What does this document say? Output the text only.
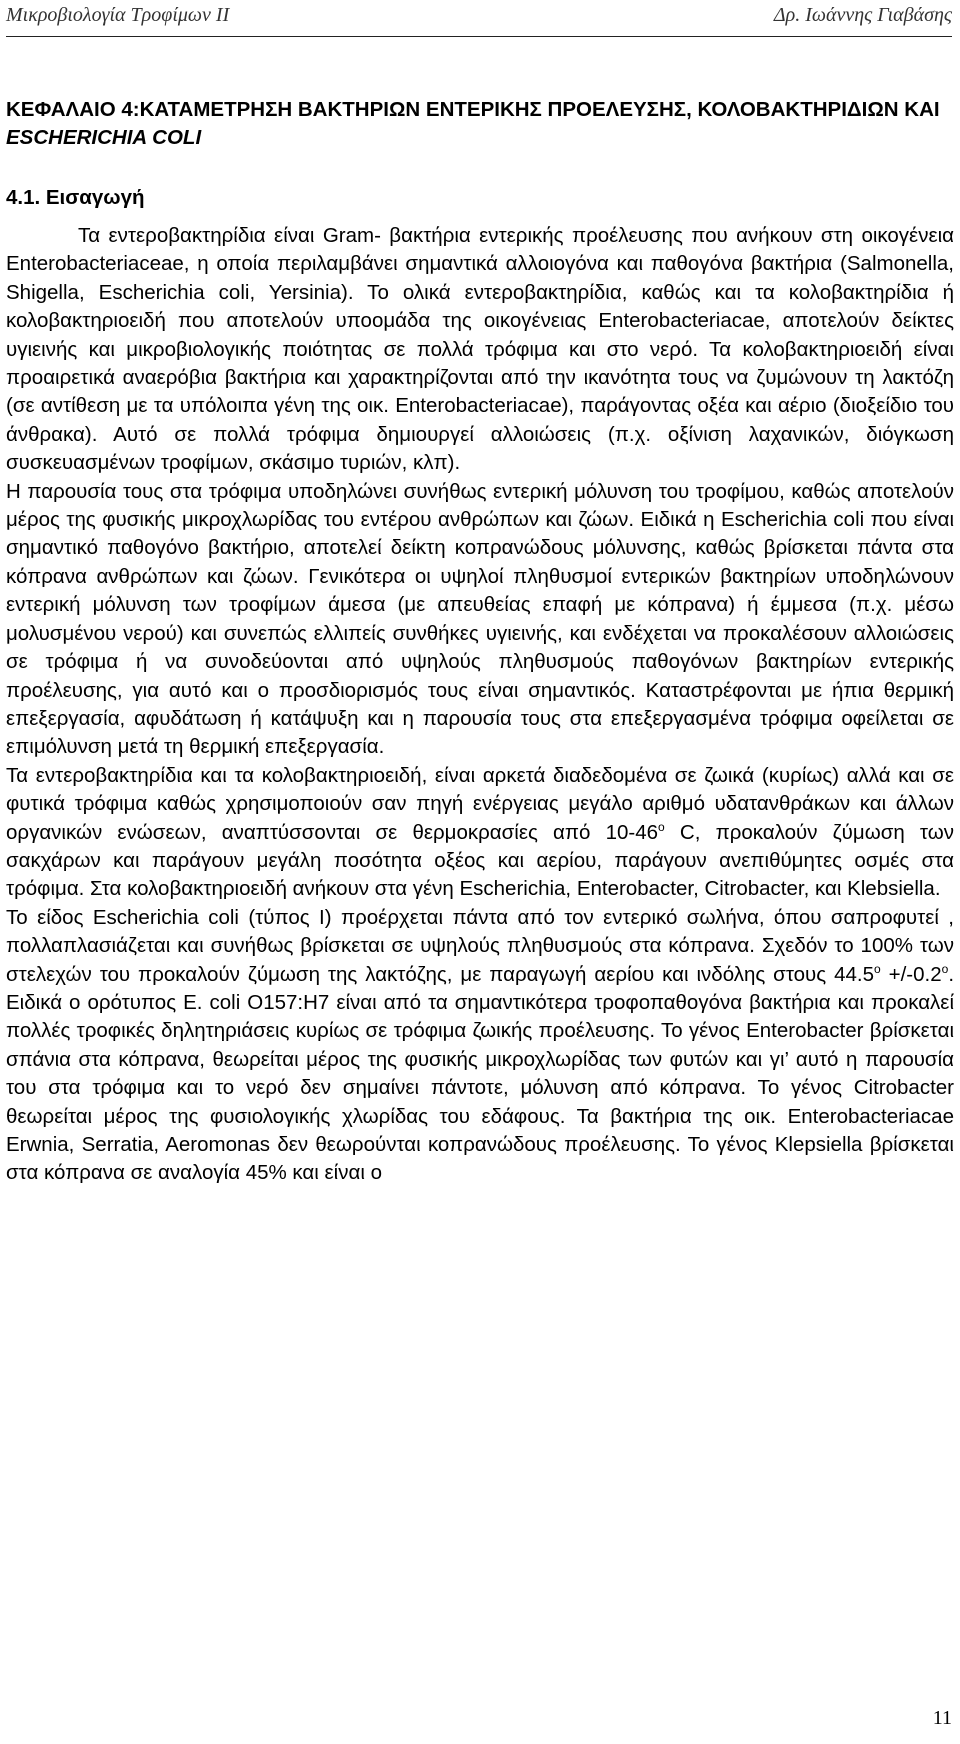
Μικροβιολογία Τροφίμων ΙΙ	Δρ. Ιωάννης Γιαβάσης
ΚΕΦΑΛΑΙΟ 4:ΚΑΤΑΜΕΤΡΗΣΗ ΒΑΚΤΗΡΙΩΝ ΕΝΤΕΡΙΚΗΣ ΠΡΟΕΛΕΥΣΗΣ, ΚΟΛΟΒΑΚΤΗΡΙΔΙΩΝ ΚΑΙ ESCHERICHIA COLI
4.1. Εισαγωγή

Τα εντεροβακτηρίδια είναι Gram- βακτήρια εντερικής προέλευσης που ανήκουν στη οικογένεια Enterobacteriaceae, η οποία περιλαμβάνει σημαντικά αλλοιογόνα και παθογόνα βακτήρια (Salmonella, Shigella, Escherichia coli, Yersinia). Το ολικά εντεροβακτηρίδια, καθώς και τα κολοβακτηρίδια ή κολοβακτηριοειδή που αποτελούν υποομάδα της οικογένειας Enterobacteriacae, αποτελούν δείκτες υγιεινής και μικροβιολογικής ποιότητας σε πολλά τρόφιμα και στο νερό. Τα κολοβακτηριοειδή είναι προαιρετικά αναερόβια βακτήρια και χαρακτηρίζονται από την ικανότητα τους να ζυμώνουν τη λακτόζη (σε αντίθεση με τα υπόλοιπα γένη της οικ. Enterobacteriacae), παράγοντας οξέα και αέριο (διοξείδιο του άνθρακα). Αυτό σε πολλά τρόφιμα δημιουργεί αλλοιώσεις (π.χ. οξίνιση λαχανικών, διόγκωση συσκευασμένων τροφίμων, σκάσιμο τυριών, κλπ).

Η παρουσία τους στα τρόφιμα υποδηλώνει συνήθως εντερική μόλυνση του τροφίμου, καθώς αποτελούν μέρος της φυσικής μικροχλωρίδας του εντέρου ανθρώπων και ζώων. Ειδικά η Escherichia coli που είναι σημαντικό παθογόνο βακτήριο, αποτελεί δείκτη κοπρανώδους μόλυνσης, καθώς βρίσκεται πάντα στα κόπρανα ανθρώπων και ζώων. Γενικότερα οι υψηλοί πληθυσμοί εντερικών βακτηρίων υποδηλώνουν εντερική μόλυνση των τροφίμων άμεσα (με απευθείας επαφή με κόπρανα) ή έμμεσα (π.χ. μέσω μολυσμένου νερού) και συνεπώς ελλιπείς συνθήκες υγιεινής, και ενδέχεται να προκαλέσουν αλλοιώσεις σε τρόφιμα ή να συνοδεύονται από υψηλούς πληθυσμούς παθογόνων βακτηρίων εντερικής προέλευσης, για αυτό και ο προσδιορισμός τους είναι σημαντικός. Καταστρέφονται με ήπια θερμική επεξεργασία, αφυδάτωση ή κατάψυξη και η παρουσία τους στα επεξεργασμένα τρόφιμα οφείλεται σε επιμόλυνση μετά τη θερμική επεξεργασία.

Τα εντεροβακτηρίδια και τα κολοβακτηριοειδή, είναι αρκετά διαδεδομένα σε ζωικά (κυρίως) αλλά και σε φυτικά τρόφιμα καθώς χρησιμοποιούν σαν πηγή ενέργειας μεγάλο αριθμό υδατανθράκων και άλλων οργανικών ενώσεων, αναπτύσσονται σε θερμοκρασίες από $10-46^o$ C, προκαλούν ζύμωση των σακχάρων και παράγουν μεγάλη ποσότητα οξέος και αερίου, παράγουν ανεπιθύμητες οσμές στα τρόφιμα. Στα κολοβακτηριοειδή ανήκουν στα γένη Escherichia, Enterobacter, Citrobacter, και Klebsiella.

Το είδος Escherichia coli (τύπος Ι) προέρχεται πάντα από τον εντερικό σωλήνα, όπου σαπροφυτεί , πολλαπλασιάζεται και συνήθως βρίσκεται σε υψηλούς πληθυσμούς στα κόπρανα. Σχεδόν το 100% των στελεχών του προκαλούν ζύμωση της λακτόζης, με παραγωγή αερίου και ινδόλης στους $44.5^o +/-0.2^o$. Ειδικά ο ορότυπος E. coli O157:H7 είναι από τα σημαντικότερα τροφοπαθογόνα βακτήρια και προκαλεί πολλές τροφικές δηλητηριάσεις κυρίως σε τρόφιμα ζωικής προέλευσης. Το γένος Enterobacter βρίσκεται σπάνια στα κόπρανα, θεωρείται μέρος της φυσικής μικροχλωρίδας των φυτών και γι’ αυτό η παρουσία του στα τρόφιμα και το νερό δεν σημαίνει πάντοτε, μόλυνση από κόπρανα. Το γένος Citrobacter θεωρείται μέρος της φυσιολογικής χλωρίδας του εδάφους. Τα βακτήρια της οικ. Enterobacteriacae Erwnia, Serratia, Aeromonas δεν θεωρούνται κοπρανώδους προέλευσης. Το γένος Klepsiella βρίσκεται στα κόπρανα σε αναλογία 45% και είναι ο

11
